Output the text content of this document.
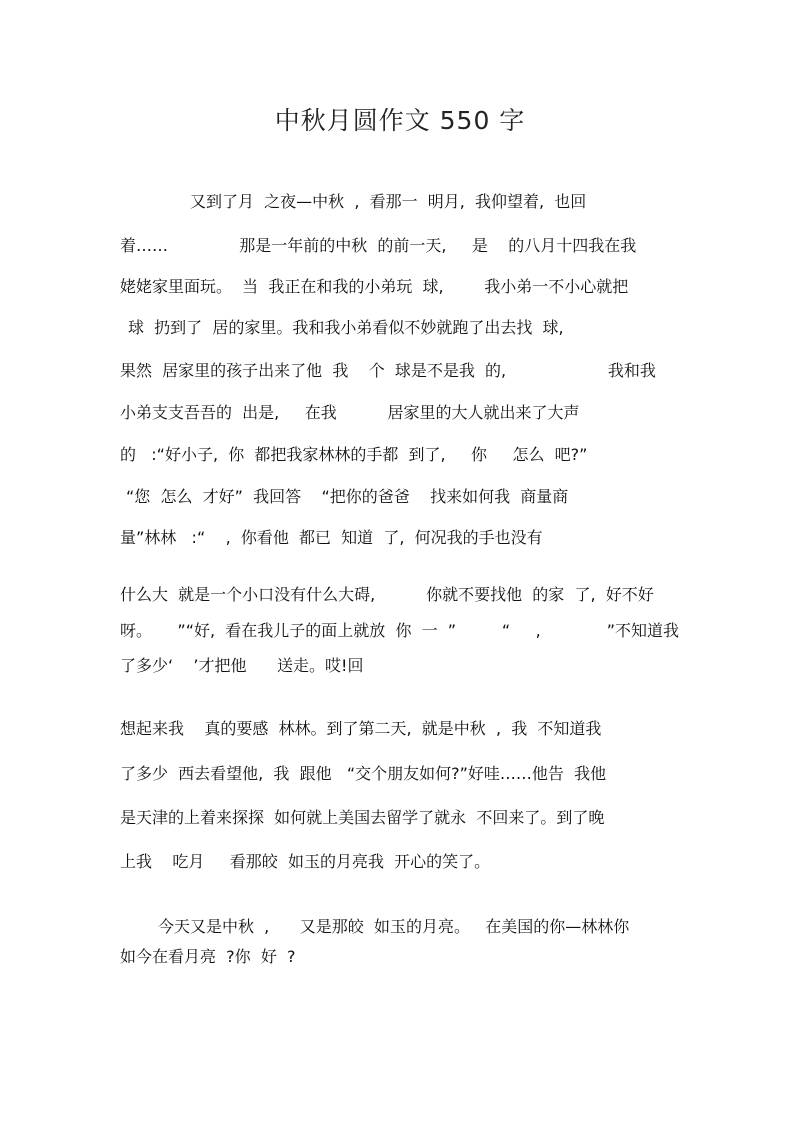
中秋月圆作文 550 字
又到了月  之夜—中秋  ,  看那一  明月,  我仰望着,  也回
着……              那是一年前的中秋  的前一天,     是    的八月十四我在我
姥姥家里面玩。  当  我正在和我的小弟玩  球,        我小弟一不小心就把
球  扔到了  居的家里。我和我小弟看似不妙就跑了出去找  球,
果然  居家里的孩子出来了他  我    个  球是不是我  的,                    我和我
小弟支支吾吾的  出是,     在我          居家里的大人就出来了大声
的   :“好小子,  你  都把我家林林的手都  到了,     你     怎么  吧?”
“您  怎么  才好”  我回答    “把你的爸爸    找来如何我  商量商
量”林林   :“    ,  你看他  都已  知道  了,  何况我的手也没有
什么大  就是一个小口没有什么大碍,          你就不要找他  的家  了,  好不好
呀。     ”“好,  看在我儿子的面上就放  你  一  ”         “     ,             ”不知道我
了多少‘    ’才把他      送走。哎!回
想起来我    真的要感  林林。到了第二天,  就是中秋  ,  我  不知道我
了多少  西去看望他,  我  跟他   “交个朋友如何?”好哇……他告  我他
是天津的上着来探探  如何就上美国去留学了就永  不回来了。到了晚
上我    吃月     看那皎  如玉的月亮我  开心的笑了。
今天又是中秋  ,      又是那皎  如玉的月亮。   在美国的你—林林你
如今在看月亮  ?你  好  ?
